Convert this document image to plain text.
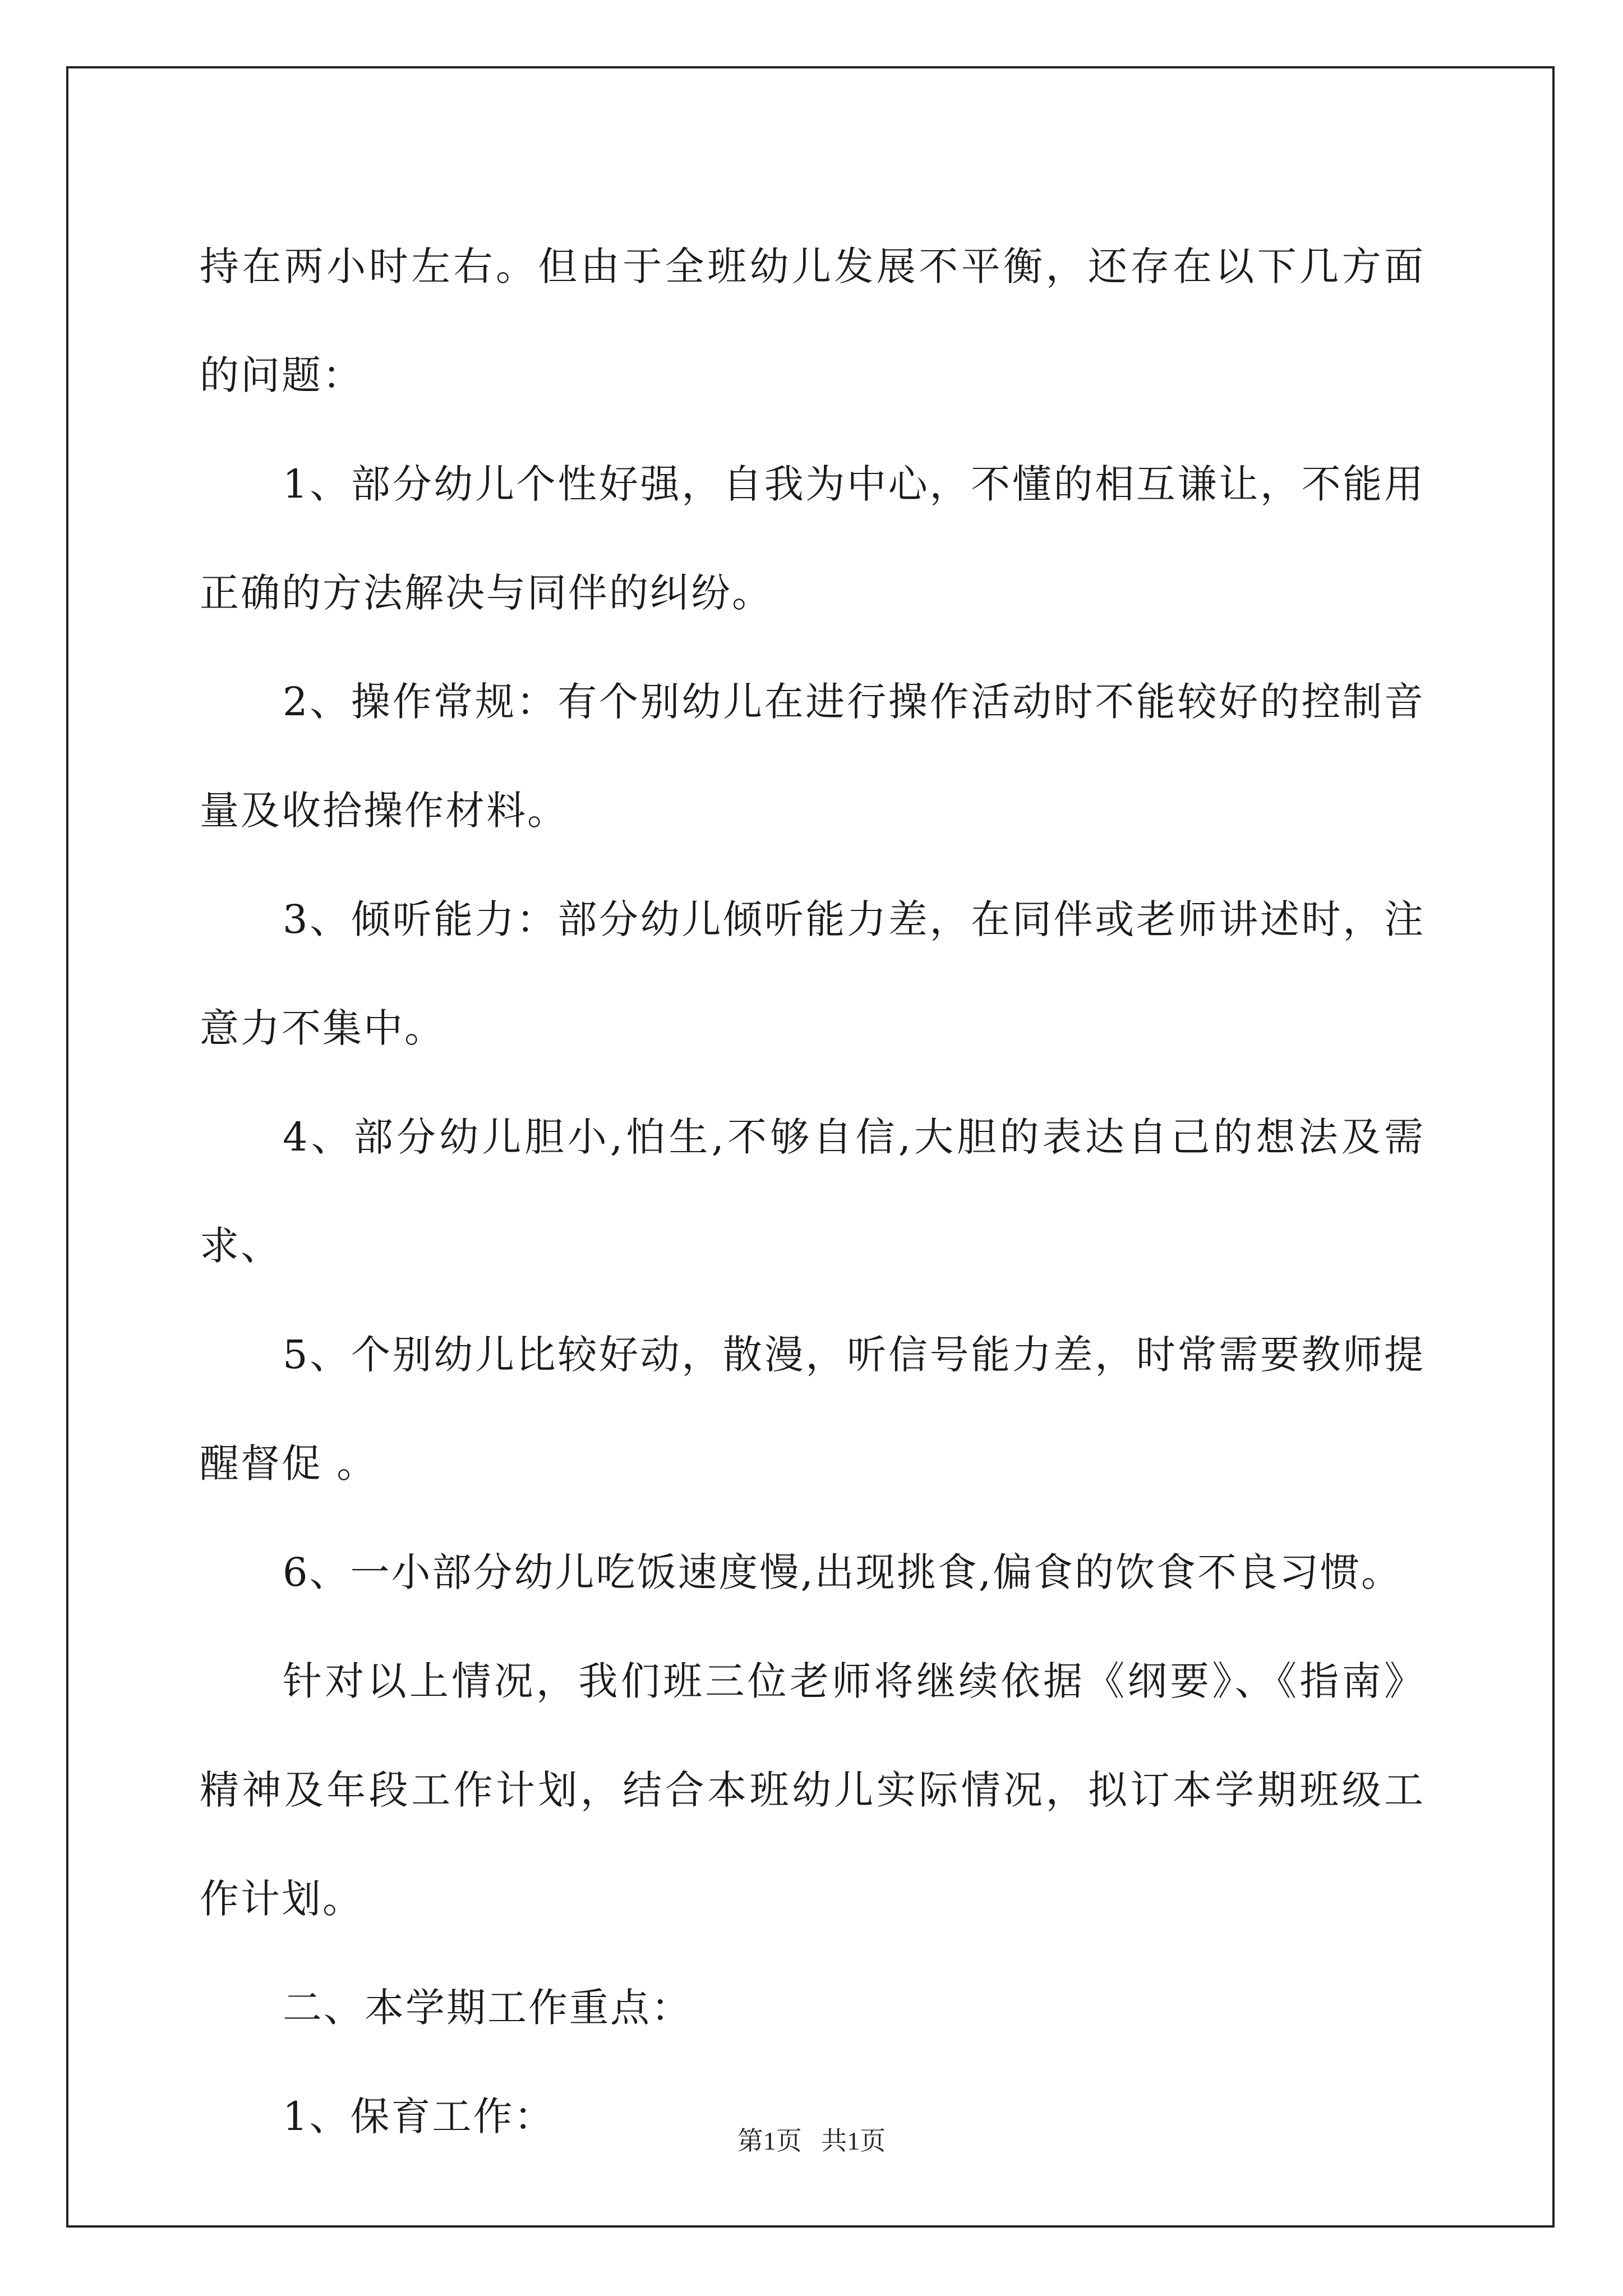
持在两小时左右。但由于全班幼儿发展不平衡，还存在以下几方面的问题：

1、部分幼儿个性好强，自我为中心，不懂的相互谦让，不能用正确的方法解决与同伴的纠纷。

2、操作常规：有个别幼儿在进行操作活动时不能较好的控制音量及收拾操作材料。

3、倾听能力：部分幼儿倾听能力差，在同伴或老师讲述时，注意力不集中。

4、部分幼儿胆小,怕生,不够自信,大胆的表达自己的想法及需求、

5、个别幼儿比较好动，散漫，听信号能力差，时常需要教师提醒督促 。

6、一小部分幼儿吃饭速度慢,出现挑食,偏食的饮食不良习惯。

针对以上情况，我们班三位老师将继续依据《纲要》、《指南》精神及年段工作计划，结合本班幼儿实际情况，拟订本学期班级工作计划。

二、本学期工作重点：

1、保育工作：

第1页 共1页
